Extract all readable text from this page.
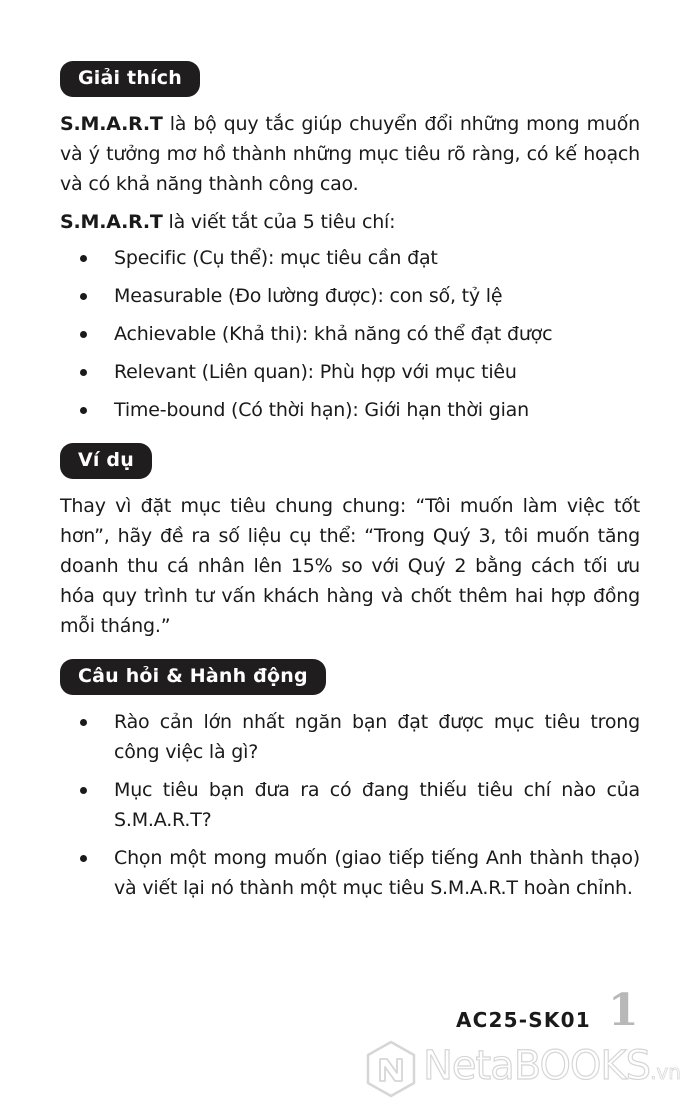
Giải thích

S.M.A.R.T là bộ quy tắc giúp chuyển đổi những mong muốn và ý tưởng mơ hồ thành những mục tiêu rõ ràng, có kế hoạch và có khả năng thành công cao.

S.M.A.R.T là viết tắt của 5 tiêu chí:

Specific (Cụ thể): mục tiêu cần đạt
Measurable (Đo lường được): con số, tỷ lệ
Achievable (Khả thi): khả năng có thể đạt được
Relevant (Liên quan): Phù hợp với mục tiêu
Time-bound (Có thời hạn): Giới hạn thời gian
Ví dụ

Thay vì đặt mục tiêu chung chung: “Tôi muốn làm việc tốt hơn”, hãy đề ra số liệu cụ thể: “Trong Quý 3, tôi muốn tăng doanh thu cá nhân lên 15% so với Quý 2 bằng cách tối ưu hóa quy trình tư vấn khách hàng và chốt thêm hai hợp đồng mỗi tháng.”

Câu hỏi & Hành động
Rào cản lớn nhất ngăn bạn đạt được mục tiêu trong công việc là gì?
Mục tiêu bạn đưa ra có đang thiếu tiêu chí nào của S.M.A.R.T?
Chọn một mong muốn (giao tiếp tiếng Anh thành thạo) và viết lại nó thành một mục tiêu S.M.A.R.T hoàn chỉnh.
AC25-SK01 1
NetaBOOKS.vn
